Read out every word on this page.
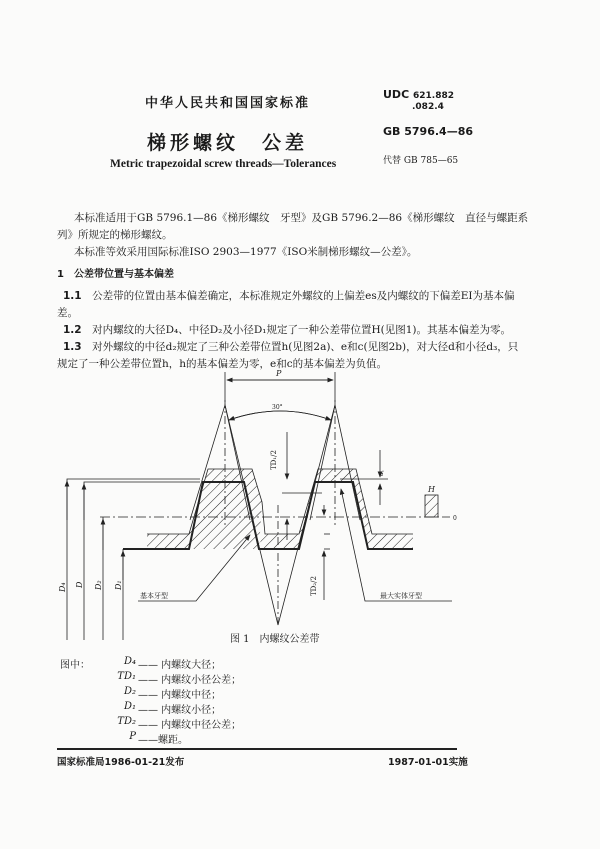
中华人民共和国国家标准
梯形螺纹　公差
Metric trapezoidal screw threads—Tolerances
UDC 621.882
.082.4
GB 5796.4—86
代替 GB 785—65
本标准适用于GB 5796.1—86《梯形螺纹　牙型》及GB 5796.2—86《梯形螺纹　直径与螺距系
列》所规定的梯形螺纹。
本标准等效采用国际标准ISO 2903—1977《ISO米制梯形螺纹—公差》。
1　公差带位置与基本偏差
1.1　 公差带的位置由基本偏差确定，本标准规定外螺纹的上偏差es及内螺纹的下偏差EI为基本偏
差。
1.2　 对内螺纹的大径D₄、中径D₂及小径D₁规定了一种公差带位置H(见图1)。其基本偏差为零。
1.3　 对外螺纹的中径d₂规定了三种公差带位置h(见图2a)、e和c(见图2b)，对大径d和小径d₃，只
规定了一种公差带位置h，h的基本偏差为零，e和c的基本偏差为负值。
P
30°
TD₁/2
TD₂/2
a꜀
H
0
基本牙型	最大实体牙型
D₄ D D₂ D₁
图 1　内螺纹公差带
图中：	D₄ —— 内螺纹大径；
TD₁ —— 内螺纹小径公差；
D₂ —— 内螺纹中径；
D₁ —— 内螺纹小径；
TD₂ —— 内螺纹中径公差；
P ——螺距。
国家标准局1986-01-21发布	1987-01-01实施
